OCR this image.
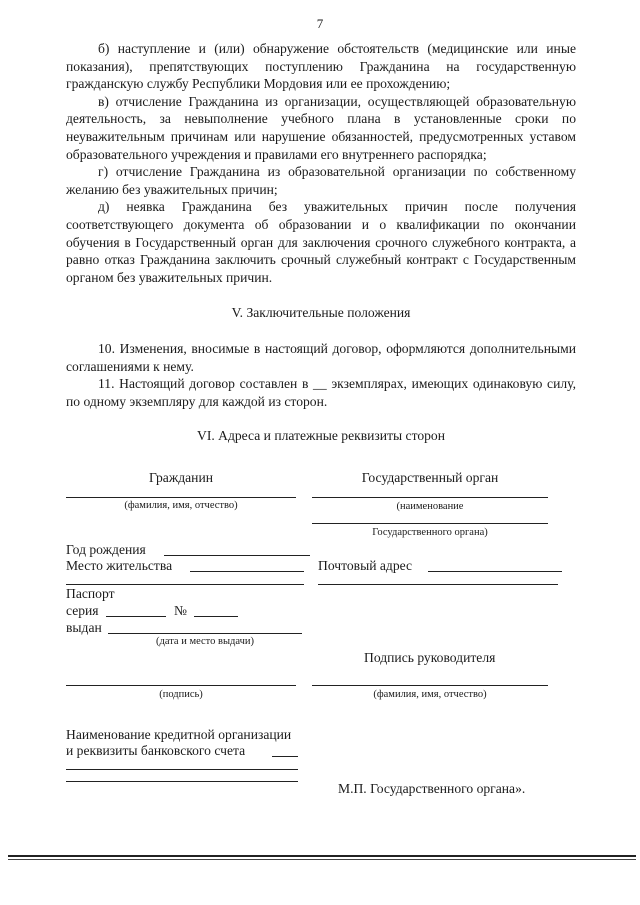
7

б) наступление и (или) обнаружение обстоятельств (медицинские или иные показания), препятствующих поступлению Гражданина на государственную гражданскую службу Республики Мордовия или ее прохождению;

в) отчисление Гражданина из организации, осуществляющей образовательную деятельность, за невыполнение учебного плана в установленные сроки по неуважительным причинам или нарушение обязанностей, предусмотренных уставом образовательного учреждения и правилами его внутреннего распорядка;

г) отчисление Гражданина из образовательной организации по собственному желанию без уважительных причин;

д) неявка Гражданина без уважительных причин после получения соответствующего документа об образовании и о квалификации по окончании обучения в Государственный орган для заключения срочного служебного контракта, а равно отказ Гражданина заключить срочный служебный контракт с Государственным органом без уважительных причин.

V. Заключительные положения

10. Изменения, вносимые в настоящий договор, оформляются дополнительными соглашениями к нему.

11. Настоящий договор составлен в __ экземплярах, имеющих одинаковую силу, по одному экземпляру для каждой из сторон.

VI. Адреса и платежные реквизиты сторон

Гражданин	Государственный орган
(фамилия, имя, отчество)	(наименование
Государственного органа)
Год рождения
Место жительства	Почтовый адрес
Паспорт
серия	№
выдан
(дата и место выдачи)
Подпись руководителя
(подпись)	(фамилия, имя, отчество)
Наименование кредитной организации
и реквизиты банковского счета
М.П. Государственного органа».
